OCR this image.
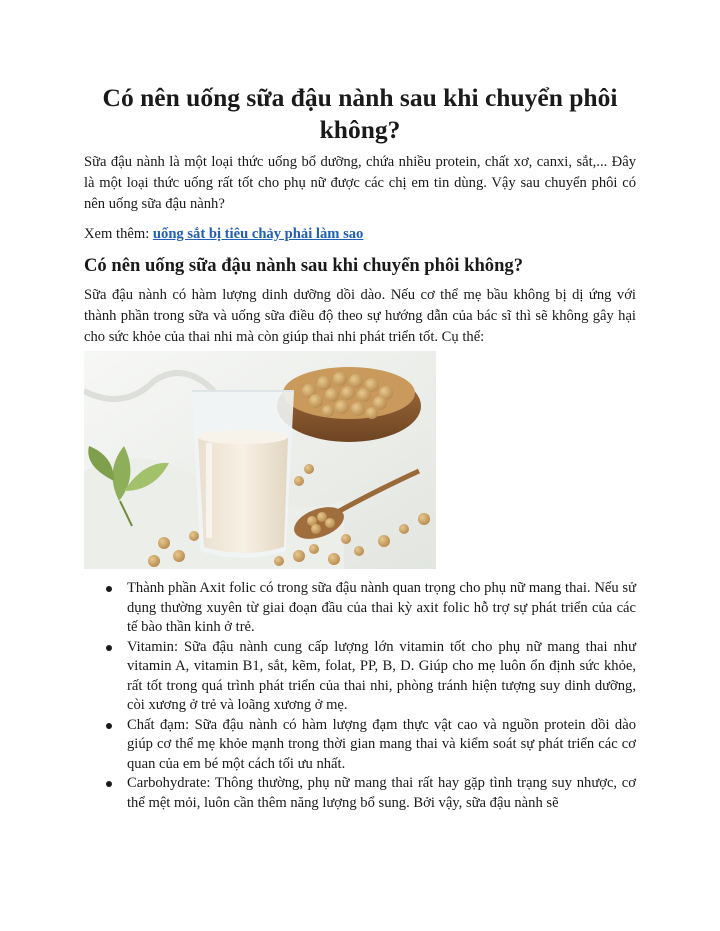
Có nên uống sữa đậu nành sau khi chuyển phôi không?

Sữa đậu nành là một loại thức uống bổ dưỡng, chứa nhiều protein, chất xơ, canxi, sắt,... Đây là một loại thức uống rất tốt cho phụ nữ được các chị em tin dùng. Vậy sau chuyển phôi có nên uống sữa đậu nành?

Xem thêm: uống sắt bị tiêu chảy phải làm sao

Có nên uống sữa đậu nành sau khi chuyển phôi không?

Sữa đậu nành có hàm lượng dinh dưỡng dồi dào. Nếu cơ thể mẹ bầu không bị dị ứng với thành phần trong sữa và uống sữa điều độ theo sự hướng dẫn của bác sĩ thì sẽ không gây hại cho sức khỏe của thai nhi mà còn giúp thai nhi phát triển tốt. Cụ thể:

Thành phần Axit folic có trong sữa đậu nành quan trọng cho phụ nữ mang thai. Nếu sử dụng thường xuyên từ giai đoạn đầu của thai kỳ axit folic hỗ trợ sự phát triển của các tế bào thần kinh ở trẻ.
Vitamin: Sữa đậu nành cung cấp lượng lớn vitamin tốt cho phụ nữ mang thai như vitamin A, vitamin B1, sắt, kẽm, folat, PP, B, D. Giúp cho mẹ luôn ổn định sức khỏe, rất tốt trong quá trình phát triển của thai nhi, phòng tránh hiện tượng suy dinh dưỡng, còi xương ở trẻ và loãng xương ở mẹ.
Chất đạm: Sữa đậu nành có hàm lượng đạm thực vật cao và nguồn protein dồi dào giúp cơ thể mẹ khỏe mạnh trong thời gian mang thai và kiểm soát sự phát triển các cơ quan của em bé một cách tối ưu nhất.
Carbohydrate: Thông thường, phụ nữ mang thai rất hay gặp tình trạng suy nhược, cơ thể mệt mỏi, luôn cần thêm năng lượng bổ sung. Bởi vậy, sữa đậu nành sẽ
